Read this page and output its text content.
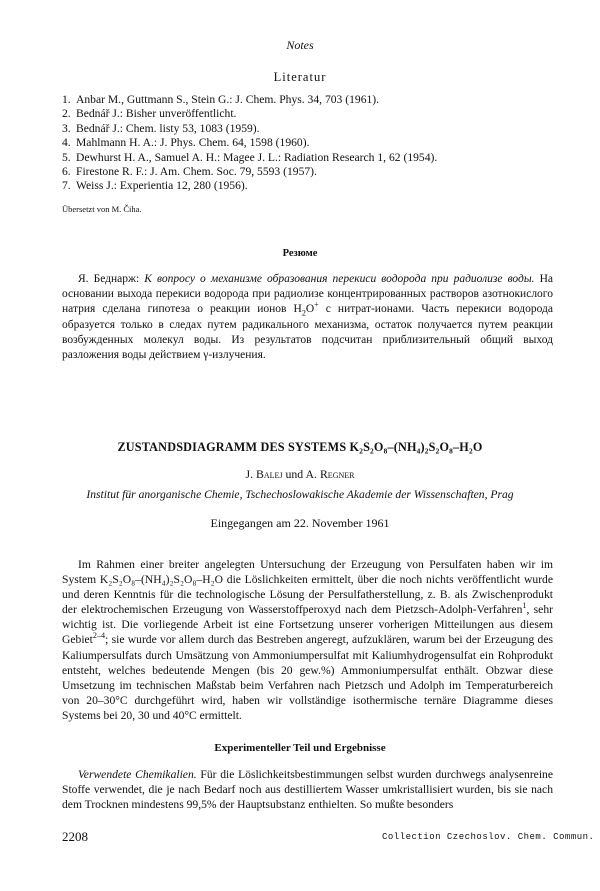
Notes
Literatur
1. Anbar M., Guttmann S., Stein G.: J. Chem. Phys. 34, 703 (1961).
2. Bednář J.: Bisher unveröffentlicht.
3. Bednář J.: Chem. listy 53, 1083 (1959).
4. Mahlmann H. A.: J. Phys. Chem. 64, 1598 (1960).
5. Dewhurst H. A., Samuel A. H.: Magee J. L.: Radiation Research 1, 62 (1954).
6. Firestone R. F.: J. Am. Chem. Soc. 79, 5593 (1957).
7. Weiss J.: Experientia 12, 280 (1956).
Übersetzt von M. Čiha.
Резюме
Я. Беднарж: К вопросу о механизме образования перекиси водорода при радиолизе воды. На основании выхода перекиси водорода при радиолизе концентрированных растворов азотнокислого натрия сделана гипотеза о реакции ионов $H_2O^+$ с нитрат-ионами. Часть перекиси водорода образуется только в следах путем радикального механизма, остаток получается путем реакции возбужденных молекул воды. Из результатов подсчитан приблизительный общий выход разложения воды действием γ-излучения.
ZUSTANDSDIAGRAMM DES SYSTEMS K₂S₂O₈–(NH₄)₂S₂O₈–H₂O
J. Balej und A. Regner
Institut für anorganische Chemie, Tschechoslowakische Akademie der Wissenschaften, Prag
Eingegangen am 22. November 1961
Im Rahmen einer breiter angelegten Untersuchung der Erzeugung von Persulfaten haben wir im System K₂S₂O₈–(NH₄)₂S₂O₈–H₂O die Löslichkeiten ermittelt, über die noch nichts veröffentlicht wurde und deren Kenntnis für die technologische Lösung der Persulfatherstellung, z. B. als Zwischenprodukt der elektrochemischen Erzeugung von Wasserstoffperoxyd nach dem Pietzsch-Adolph-Verfahren$^1$, sehr wichtig ist. Die vorliegende Arbeit ist eine Fortsetzung unserer vorherigen Mitteilungen aus diesem Gebiet$^{2-4}$; sie wurde vor allem durch das Bestreben angeregt, aufzuklären, warum bei der Erzeugung des Kaliumpersulfats durch Umsätzung von Ammoniumpersulfat mit Kaliumhydrogensulfat ein Rohprodukt entsteht, welches bedeutende Mengen (bis 20 gew.%) Ammoniumpersulfat enthält. Obzwar diese Umsetzung im technischen Maßstab beim Verfahren nach Pietzsch und Adolph im Temperaturbereich von 20–30°C durchgeführt wird, haben wir vollständige isothermische ternäre Diagramme dieses Systems bei 20, 30 und 40°C ermittelt.
Experimenteller Teil und Ergebnisse
Verwendete Chemikalien. Für die Löslichkeitsbestimmungen selbst wurden durchwegs analysenreine Stoffe verwendet, die je nach Bedarf noch aus destilliertem Wasser umkristallisiert wurden, bis sie nach dem Trocknen mindestens 99,5% der Hauptsubstanz enthielten. So mußte besonders
2208	Collection Czechoslov. Chem. Commun.
